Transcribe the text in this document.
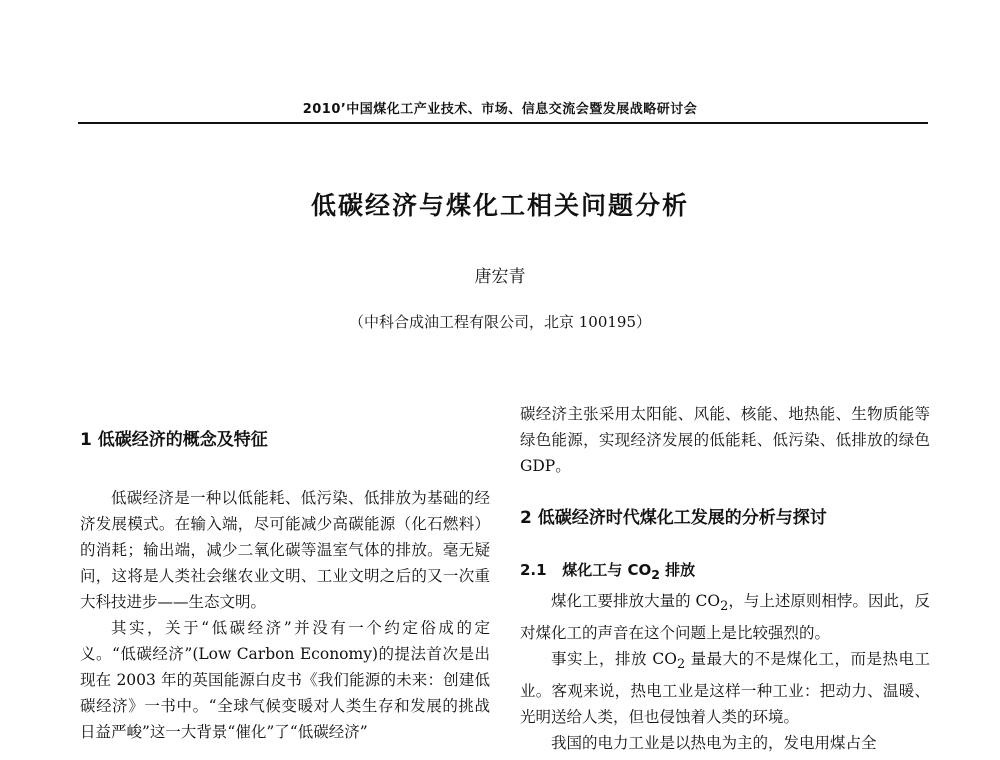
2010’中国煤化工产业技术、市场、信息交流会暨发展战略研讨会
低碳经济与煤化工相关问题分析
唐宏青
（中科合成油工程有限公司，北京 100195）
1 低碳经济的概念及特征

低碳经济是一种以低能耗、低污染、低排放为基础的经济发展模式。在输入端，尽可能减少高碳能源（化石燃料）的消耗；输出端，减少二氧化碳等温室气体的排放。毫无疑问，这将是人类社会继农业文明、工业文明之后的又一次重大科技进步——生态文明。

其实，关于“低碳经济”并没有一个约定俗成的定义。“低碳经济”(Low Carbon Economy)的提法首次是出现在 2003 年的英国能源白皮书《我们能源的未来：创建低碳经济》一书中。“全球气候变暖对人类生存和发展的挑战日益严峻”这一大背景“催化”了“低碳经济”

碳经济主张采用太阳能、风能、核能、地热能、生物质能等绿色能源，实现经济发展的低能耗、低污染、低排放的绿色 GDP。

2 低碳经济时代煤化工发展的分析与探讨
2.1 煤化工与 $CO_2$ 排放

煤化工要排放大量的 $CO_2$，与上述原则相悖。因此，反对煤化工的声音在这个问题上是比较强烈的。

事实上，排放 $CO_2$ 量最大的不是煤化工，而是热电工业。客观来说，热电工业是这样一种工业：把动力、温暖、光明送给人类，但也侵蚀着人类的环境。

我国的电力工业是以热电为主的，发电用煤占全
